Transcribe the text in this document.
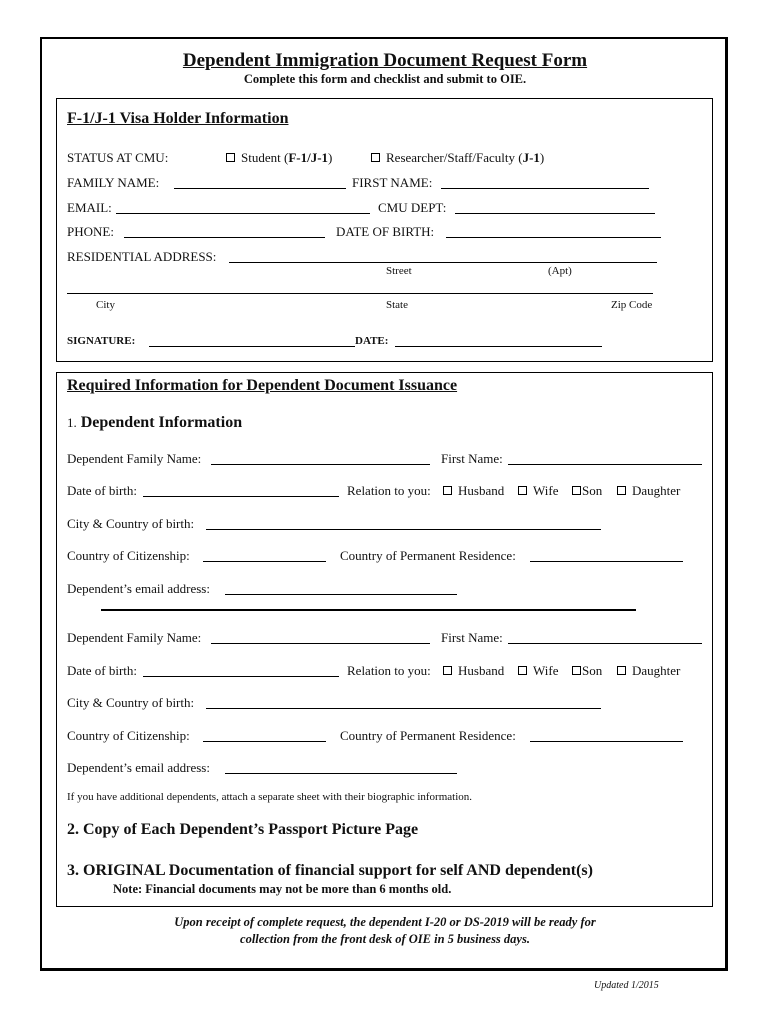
Dependent Immigration Document Request Form
Complete this form and checklist and submit to OIE.
F-1/J-1 Visa Holder Information
STATUS AT CMU:	Student (F-1/J-1)	Researcher/Staff/Faculty (J-1)
FAMILY NAME:	FIRST NAME:
EMAIL:	CMU DEPT:
PHONE:	DATE OF BIRTH:
RESIDENTIAL ADDRESS:
Street	(Apt)
City	State	Zip Code
SIGNATURE:	DATE:
Required Information for Dependent Document Issuance
1. Dependent Information
Dependent Family Name:	First Name:
Date of birth:	Relation to you:	Husband	Wife	Son	Daughter
City & Country of birth:
Country of Citizenship:	Country of Permanent Residence:
Dependent’s email address:
Dependent Family Name:	First Name:
Date of birth:	Relation to you:	Husband	Wife	Son	Daughter
City & Country of birth:
Country of Citizenship:	Country of Permanent Residence:
Dependent’s email address:
If you have additional dependents, attach a separate sheet with their biographic information.
2. Copy of Each Dependent’s Passport Picture Page
3. ORIGINAL Documentation of financial support for self AND dependent(s)
Note: Financial documents may not be more than 6 months old.
Upon receipt of complete request, the dependent I-20 or DS-2019 will be ready for
collection from the front desk of OIE in 5 business days.
Updated 1/2015
